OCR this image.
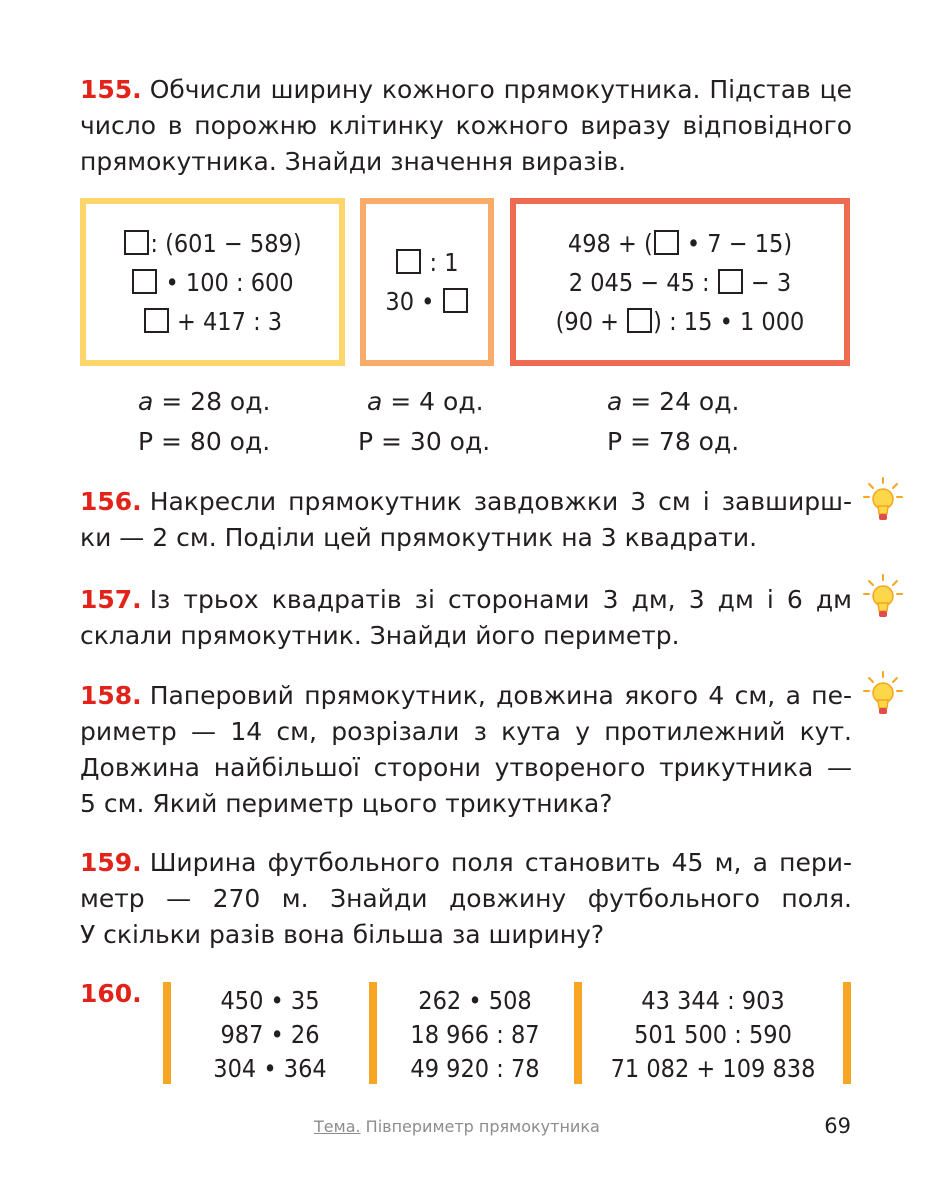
155. Обчисли ширину кожного прямокутника. Підстав це
число в порожню клітинку кожного виразу відповідного
прямокутника. Знайди значення виразів.
: (601 − 589)
• 100 : 600
+ 417 : 3
: 1
30 •
498 + ( • 7 − 15)
2 045 − 45 :  − 3
(90 + ) : 15 • 1 000
a = 28 од.
P = 80 од.
a = 4 од.
P = 30 од.
a = 24 од.
P = 78 од.
156. Накресли прямокутник завдовжки 3 см і завширш-
ки — 2 см. Поділи цей прямокутник на 3 квадрати.
157. Із трьох квадратів зі сторонами 3 дм, 3 дм і 6 дм
склали прямокутник. Знайди його периметр.
158. Паперовий прямокутник, довжина якого 4 см, а пе-
риметр — 14 см, розрізали з кута у протилежний кут.
Довжина найбільшої сторони утвореного трикутника —
5 см. Який периметр цього трикутника?
159. Ширина футбольного поля становить 45 м, а пери-
метр — 270 м. Знайди довжину футбольного поля.
У скільки разів вона більша за ширину?
160.	450 • 35
987 • 26
304 • 364
262 • 508
18 966 : 87
49 920 : 78
43 344 : 903
501 500 : 590
71 082 + 109 838
Тема. Півпериметр прямокутника	69
